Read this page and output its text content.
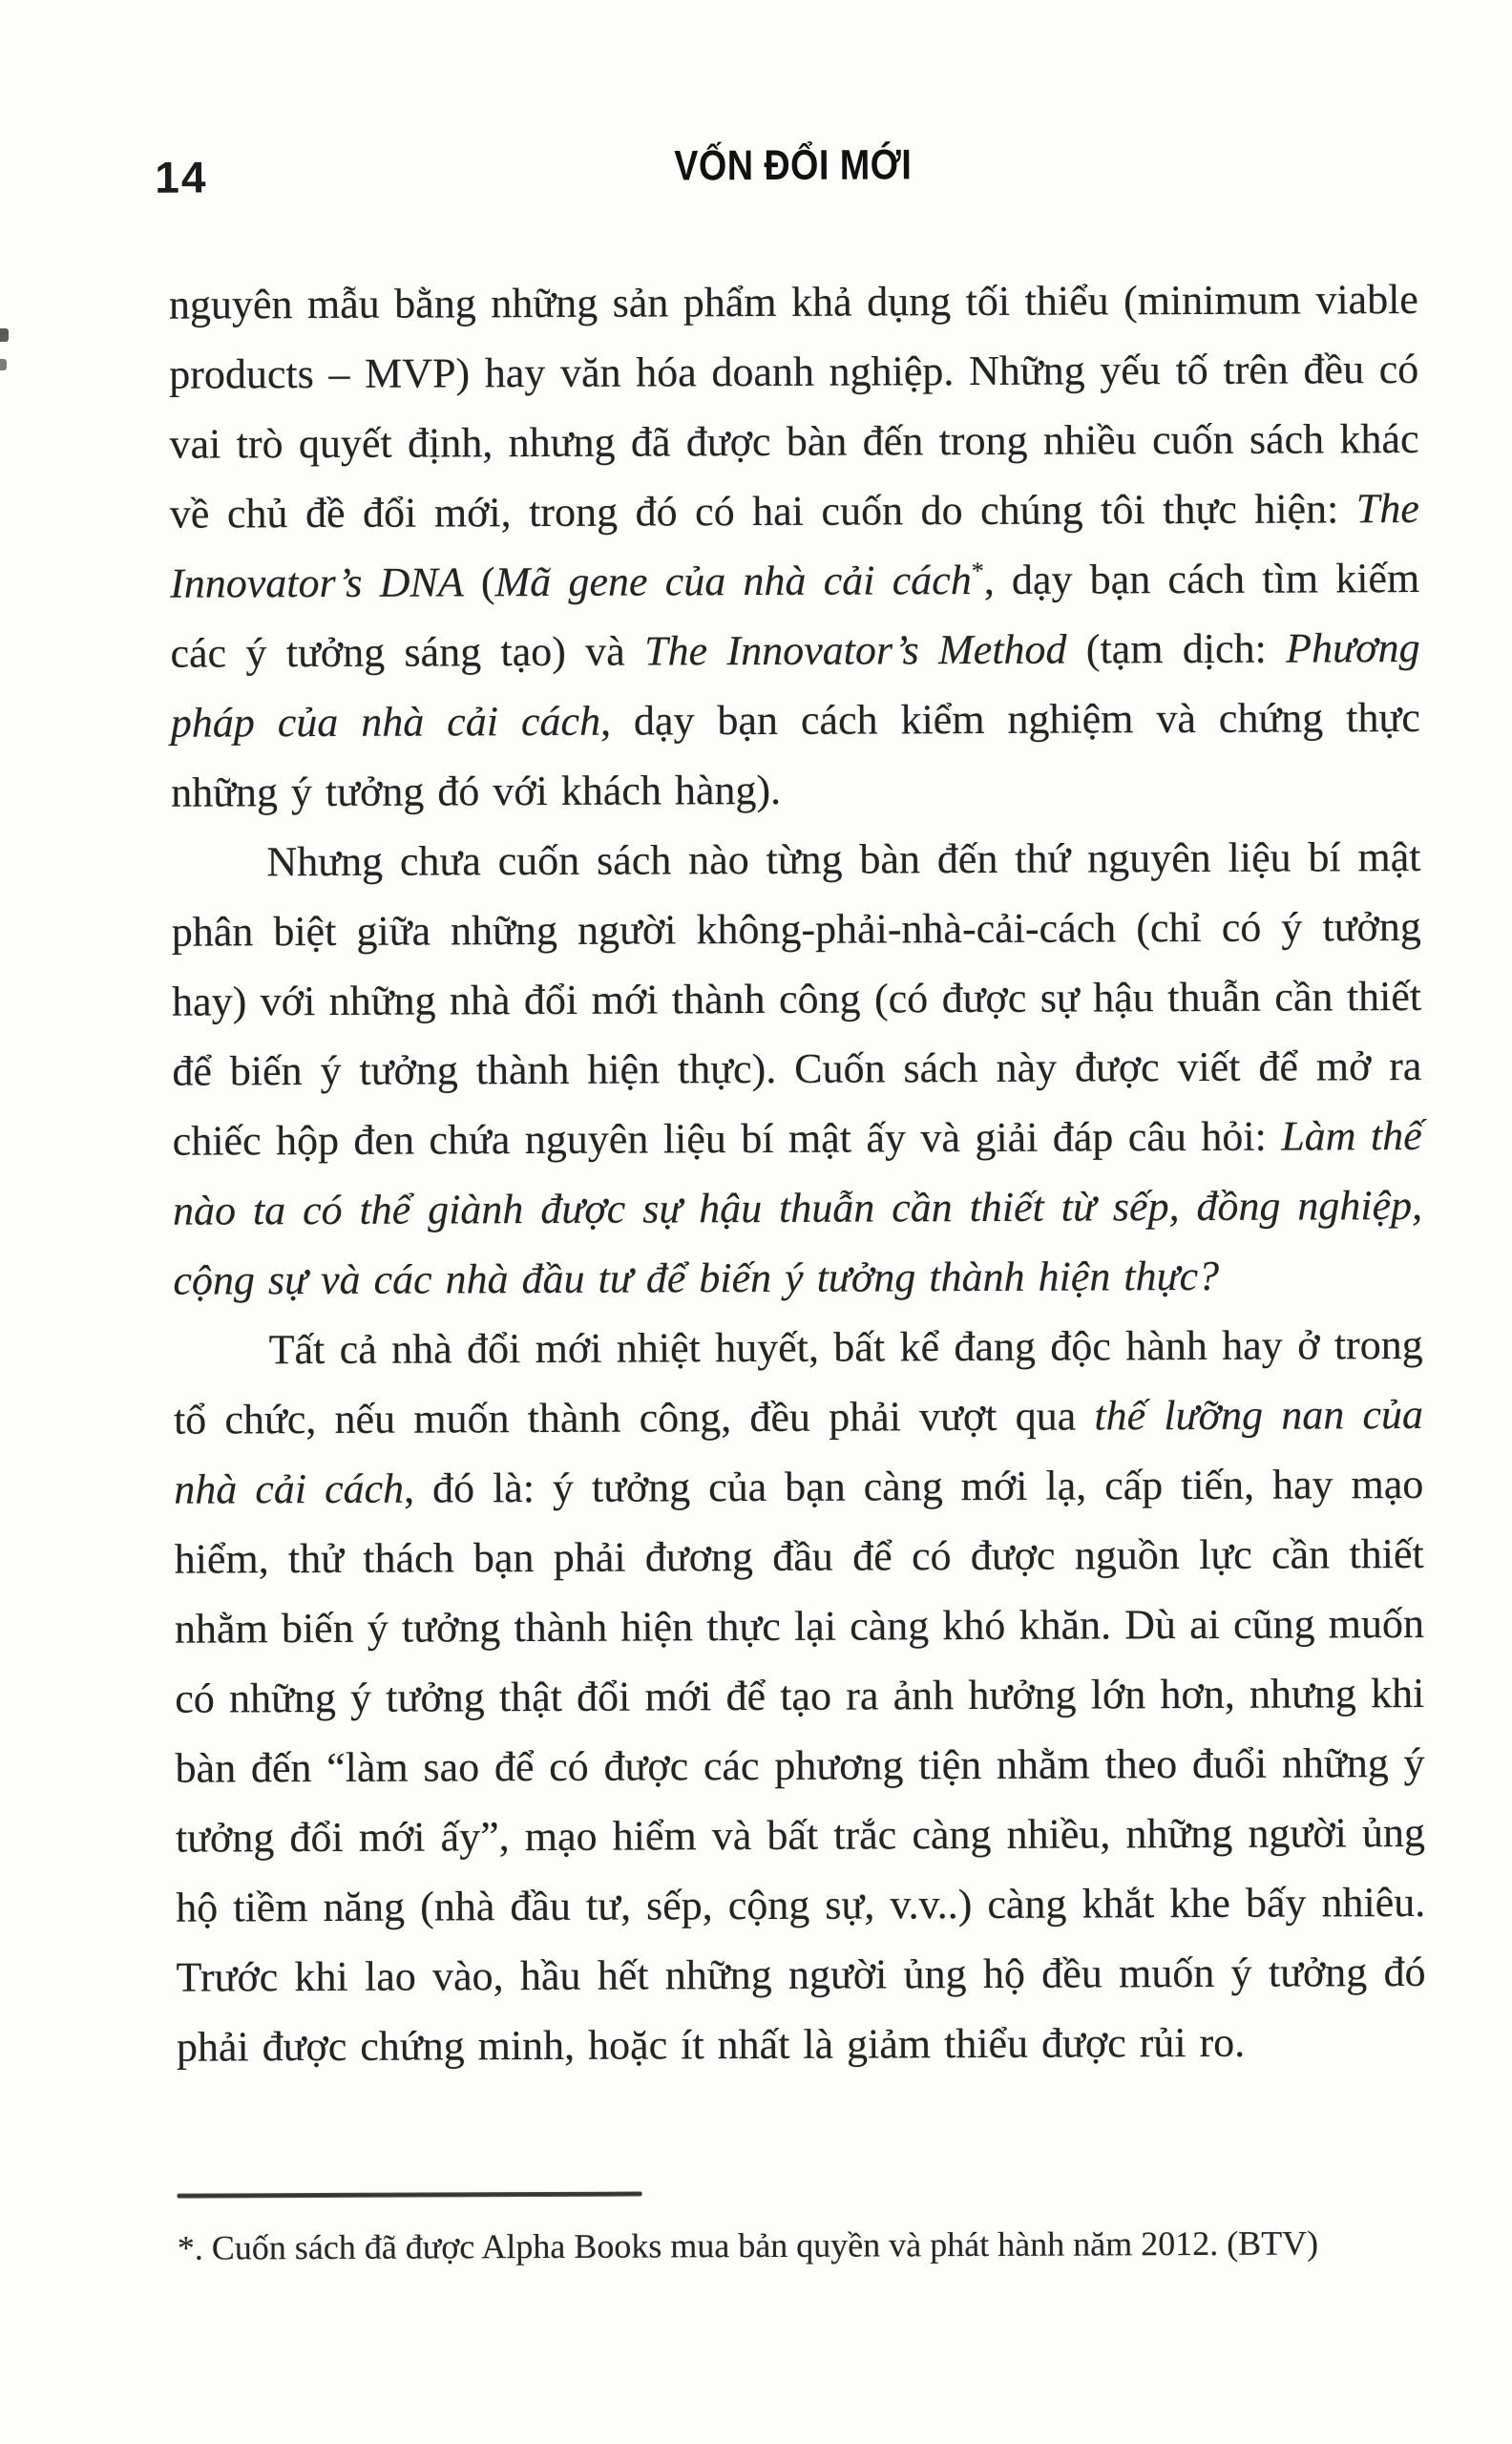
14	VỐN ĐỔI MỚI

nguyên mẫu bằng những sản phẩm khả dụng tối thiểu (minimum viable products – MVP) hay văn hóa doanh nghiệp. Những yếu tố trên đều có vai trò quyết định, nhưng đã được bàn đến trong nhiều cuốn sách khác về chủ đề đổi mới, trong đó có hai cuốn do chúng tôi thực hiện: The Innovator’s DNA (Mã gene của nhà cải cách*, dạy bạn cách tìm kiếm các ý tưởng sáng tạo) và The Innovator’s Method (tạm dịch: Phương pháp của nhà cải cách, dạy bạn cách kiểm nghiệm và chứng thực những ý tưởng đó với khách hàng).

Nhưng chưa cuốn sách nào từng bàn đến thứ nguyên liệu bí mật phân biệt giữa những người không-phải-nhà-cải-cách (chỉ có ý tưởng hay) với những nhà đổi mới thành công (có được sự hậu thuẫn cần thiết để biến ý tưởng thành hiện thực). Cuốn sách này được viết để mở ra chiếc hộp đen chứa nguyên liệu bí mật ấy và giải đáp câu hỏi: Làm thế nào ta có thể giành được sự hậu thuẫn cần thiết từ sếp, đồng nghiệp, cộng sự và các nhà đầu tư để biến ý tưởng thành hiện thực?

Tất cả nhà đổi mới nhiệt huyết, bất kể đang độc hành hay ở trong tổ chức, nếu muốn thành công, đều phải vượt qua thế lưỡng nan của nhà cải cách, đó là: ý tưởng của bạn càng mới lạ, cấp tiến, hay mạo hiểm, thử thách bạn phải đương đầu để có được nguồn lực cần thiết nhằm biến ý tưởng thành hiện thực lại càng khó khăn. Dù ai cũng muốn có những ý tưởng thật đổi mới để tạo ra ảnh hưởng lớn hơn, nhưng khi bàn đến “làm sao để có được các phương tiện nhằm theo đuổi những ý tưởng đổi mới ấy”, mạo hiểm và bất trắc càng nhiều, những người ủng hộ tiềm năng (nhà đầu tư, sếp, cộng sự, v.v..) càng khắt khe bấy nhiêu. Trước khi lao vào, hầu hết những người ủng hộ đều muốn ý tưởng đó phải được chứng minh, hoặc ít nhất là giảm thiểu được rủi ro.

*. Cuốn sách đã được Alpha Books mua bản quyền và phát hành năm 2012. (BTV)
